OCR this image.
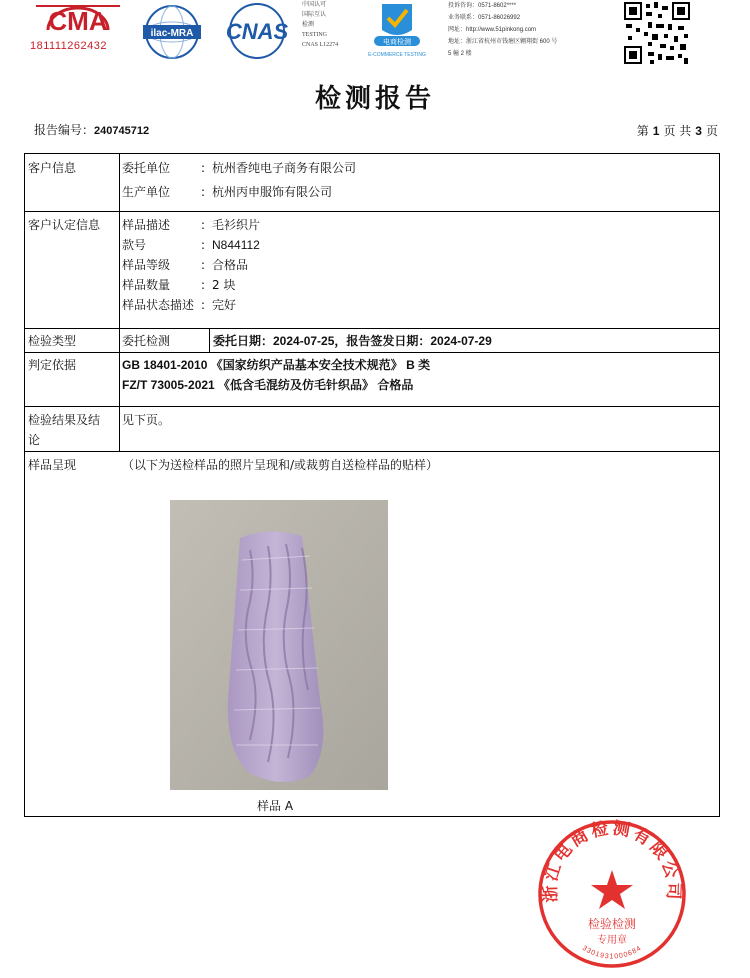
CMA
181111262432
ilac-MRA CNAS
中国认可
国际互认
检测
TESTING
CNAS L12274	电商检测
E-COMMERCE TESTING
投诉咨询：0571-8602****
业务联系：0571-86026992
网址：http://www.51pinkong.com
地址：浙江省杭州市钱塘区翱翔街 600 号
5 幢 2 楼
检测报告
报告编号：240745712	第 1 页 共 3 页
客户信息	委托单位	: 杭州香纯电子商务有限公司
生产单位	: 杭州丙申服饰有限公司
客户认定信息	样品描述	: 毛衫织片
款号	: N844112
样品等级	: 合格品
样品数量	: 2 块
样品状态描述 : 完好
检验类型	委托检测	委托日期：2024-07-25，报告签发日期：2024-07-29
判定依据	GB 18401-2010 《国家纺织产品基本安全技术规范》 B 类
FZ/T 73005-2021 《低含毛混纺及仿毛针织品》 合格品
检验结果及结
论
见下页。
样品呈现	（以下为送检样品的照片呈现和/或裁剪自送检样品的贴样）
样品 A
浙江电商检测有限公司
检验检测
专用章
3301931000684
